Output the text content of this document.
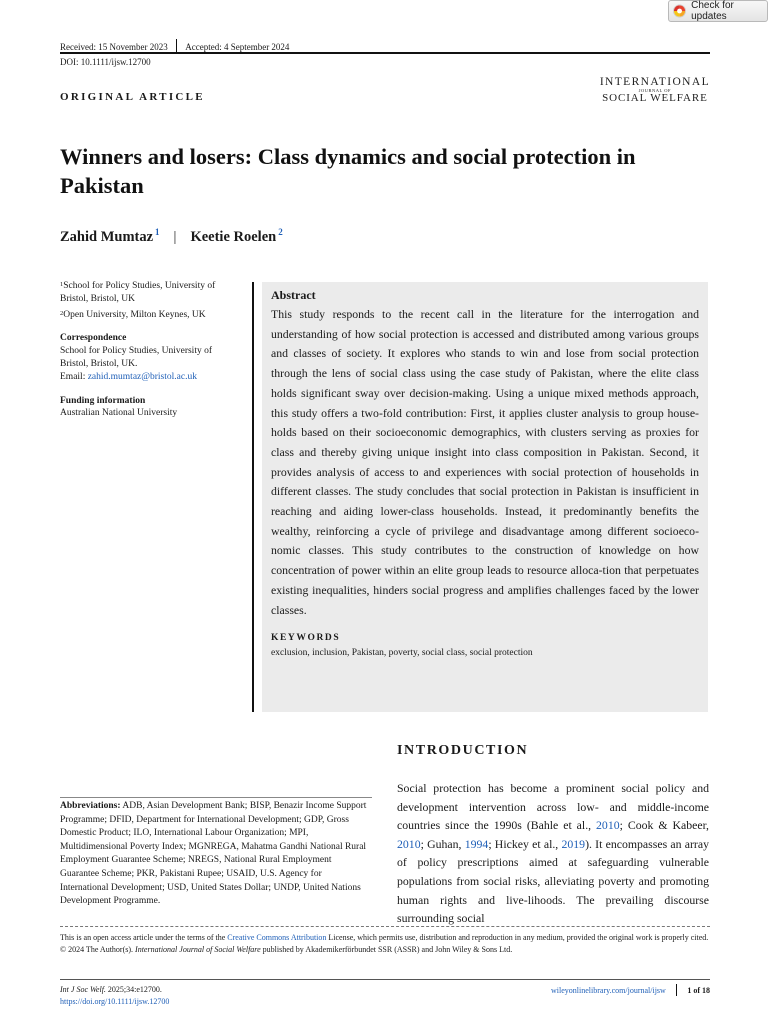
Check for updates
Received: 15 November 2023 Accepted: 4 September 2024
DOI: 10.1111/ijsw.12700
INTERNATIONAL
JOURNAL OF
SOCIAL WELFARE
ORIGINAL ARTICLE
Winners and losers: Class dynamics and social protection in Pakistan
Zahid Mumtaz$^1$ | Keetie Roelen$^2$

$^1$School for Policy Studies, University of Bristol, Bristol, UK

$^2$Open University, Milton Keynes, UK

Correspondence

School for Policy Studies, University of Bristol, Bristol, UK.

Email: zahid.mumtaz@bristol.ac.uk

Funding information

Australian National University

Abstract
This study responds to the recent call in the literature for the interrogation and understanding of how social protection is accessed and distributed among various groups and classes of society. It explores who stands to win and lose from social protection through the lens of social class using the case study of Pakistan, where the elite class holds significant sway over decision-making. Using a unique mixed methods approach, this study offers a two-fold contribution: First, it applies cluster analysis to group house-holds based on their socioeconomic demographics, with clusters serving as proxies for class and thereby giving unique insight into class composition in Pakistan. Second, it provides analysis of access to and experiences with social protection of households in different classes. The study concludes that social protection in Pakistan is insufficient in reaching and aiding lower-class households. Instead, it predominantly benefits the wealthy, reinforcing a cycle of privilege and disadvantage among different socioeco-nomic classes. This study contributes to the construction of knowledge on how concentration of power within an elite group leads to resource alloca-tion that perpetuates existing inequalities, hinders social progress and amplifies challenges faced by the lower classes.
KEYWORDS
exclusion, inclusion, Pakistan, poverty, social class, social protection
INTRODUCTION
Social protection has become a prominent social policy and development intervention across low- and middle-income countries since the 1990s (Bahle et al., 2010; Cook & Kabeer, 2010; Guhan, 1994; Hickey et al., 2019). It encompasses an array of policy prescriptions aimed at safeguarding vulnerable populations from social risks, alleviating poverty and promoting human rights and live-lihoods. The prevailing discourse surrounding social
Abbreviations: ADB, Asian Development Bank; BISP, Benazir Income Support Programme; DFID, Department for International Development; GDP, Gross Domestic Product; ILO, International Labour Organization; MPI, Multidimensional Poverty Index; MGNREGA, Mahatma Gandhi National Rural Employment Guarantee Scheme; NREGS, National Rural Employment Guarantee Scheme; PKR, Pakistani Rupee; USAID, U.S. Agency for International Development; USD, United States Dollar; UNDP, United Nations Development Programme.
This is an open access article under the terms of the Creative Commons Attribution License, which permits use, distribution and reproduction in any medium, provided the original work is properly cited.
© 2024 The Author(s). International Journal of Social Welfare published by Akademikerförbundet SSR (ASSR) and John Wiley & Sons Ltd.
Int J Soc Welf. 2025;34:e12700.
https://doi.org/10.1111/ijsw.12700
wileyonlinelibrary.com/journal/ijsw	1 of 18
